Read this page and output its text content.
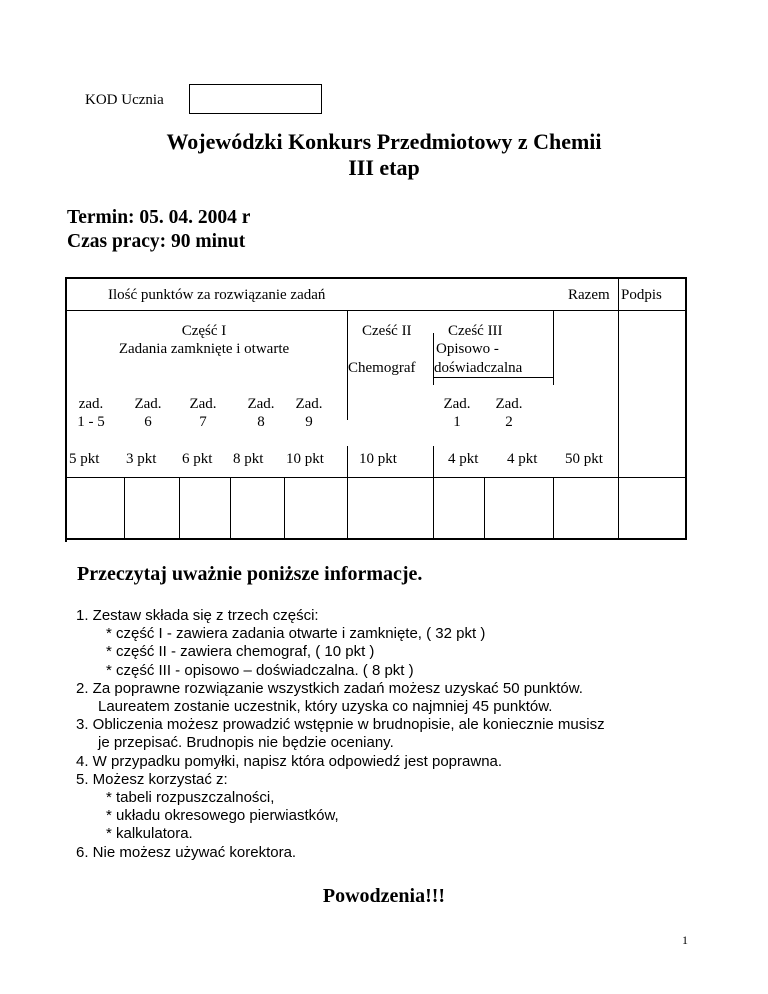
KOD Ucznia
Wojewódzki Konkurs Przedmiotowy z Chemii
III etap
Termin: 05. 04. 2004 r
Czas pracy: 90 minut
Ilość punktów za rozwiązanie zadań	Razem Podpis
Część I
Zadania zamknięte i otwarte
Cześć II
Chemograf
Cześć III
Opisowo -
doświadczalna
zad.
1 - 5
Zad.
6
Zad.
7
Zad.
8
Zad.
9
Zad.
1
Zad.
2
5 pkt 3 pkt 6 pkt 8 pkt 10 pkt 10 pkt	4 pkt 4 pkt 50 pkt
Przeczytaj uważnie poniższe informacje.
1. Zestaw składa się z trzech części:
* część I - zawiera zadania otwarte i zamknięte, ( 32 pkt )
* część II - zawiera chemograf, ( 10 pkt )
* część III - opisowo – doświadczalna. ( 8 pkt )
2. Za poprawne rozwiązanie wszystkich zadań możesz uzyskać 50 punktów.
Laureatem zostanie uczestnik, który uzyska co najmniej 45 punktów.
3. Obliczenia możesz prowadzić wstępnie w brudnopisie, ale koniecznie musisz
je przepisać. Brudnopis nie będzie oceniany.
4. W przypadku pomyłki, napisz która odpowiedź jest poprawna.
5. Możesz korzystać z:
* tabeli rozpuszczalności,
* układu okresowego pierwiastków,
* kalkulatora.
6. Nie możesz używać korektora.
Powodzenia!!!
1
